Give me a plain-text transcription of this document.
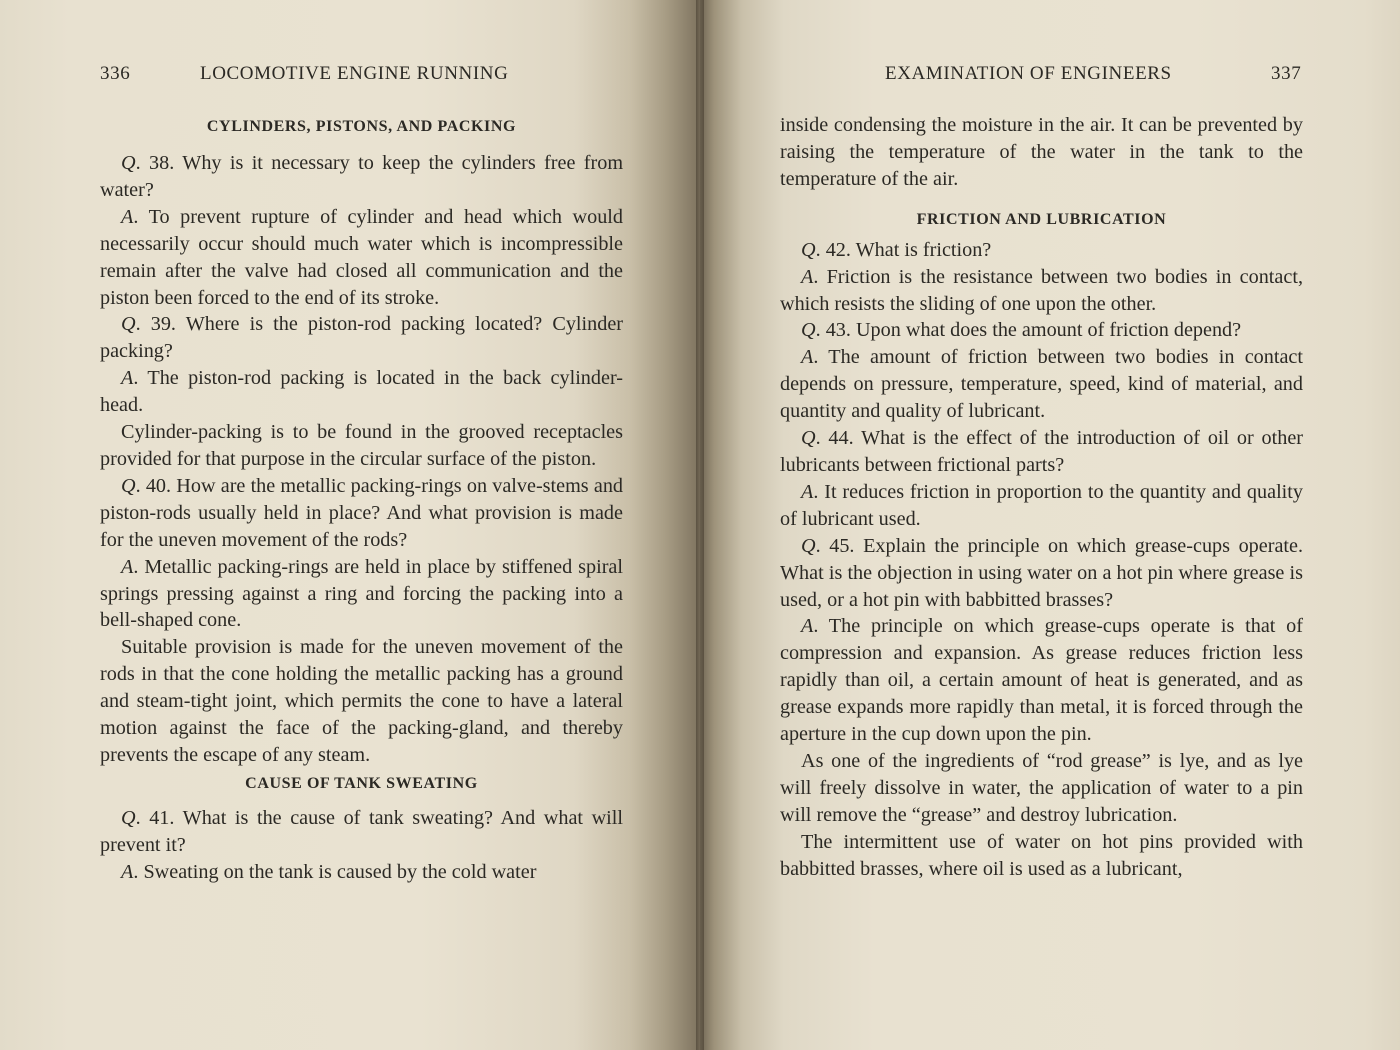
336	LOCOMOTIVE ENGINE RUNNING

CYLINDERS, PISTONS, AND PACKING

Q. 38. Why is it necessary to keep the cylinders free from water?

A. To prevent rupture of cylinder and head which would necessarily occur should much water which is incompressible remain after the valve had closed all communication and the piston been forced to the end of its stroke.

Q. 39. Where is the piston-rod packing located? Cylinder packing?

A. The piston-rod packing is located in the back cylinder-head.

Cylinder-packing is to be found in the grooved receptacles provided for that purpose in the circular surface of the piston.

Q. 40. How are the metallic packing-rings on valve-stems and piston-rods usually held in place? And what provision is made for the uneven movement of the rods?

A. Metallic packing-rings are held in place by stiffened spiral springs pressing against a ring and forcing the packing into a bell-shaped cone.

Suitable provision is made for the uneven movement of the rods in that the cone holding the metallic packing has a ground and steam-tight joint, which permits the cone to have a lateral motion against the face of the packing-gland, and thereby prevents the escape of any steam.

CAUSE OF TANK SWEATING

Q. 41. What is the cause of tank sweating? And what will prevent it?

A. Sweating on the tank is caused by the cold water

EXAMINATION OF ENGINEERS	337

inside condensing the moisture in the air. It can be prevented by raising the temperature of the water in the tank to the temperature of the air.

FRICTION AND LUBRICATION

Q. 42. What is friction?

A. Friction is the resistance between two bodies in contact, which resists the sliding of one upon the other.

Q. 43. Upon what does the amount of friction depend?

A. The amount of friction between two bodies in contact depends on pressure, temperature, speed, kind of material, and quantity and quality of lubricant.

Q. 44. What is the effect of the introduction of oil or other lubricants between frictional parts?

A. It reduces friction in proportion to the quantity and quality of lubricant used.

Q. 45. Explain the principle on which grease-cups operate. What is the objection in using water on a hot pin where grease is used, or a hot pin with babbitted brasses?

A. The principle on which grease-cups operate is that of compression and expansion. As grease reduces friction less rapidly than oil, a certain amount of heat is generated, and as grease expands more rapidly than metal, it is forced through the aperture in the cup down upon the pin.

As one of the ingredients of “rod grease” is lye, and as lye will freely dissolve in water, the application of water to a pin will remove the “grease” and destroy lubrication.

The intermittent use of water on hot pins provided with babbitted brasses, where oil is used as a lubricant,
